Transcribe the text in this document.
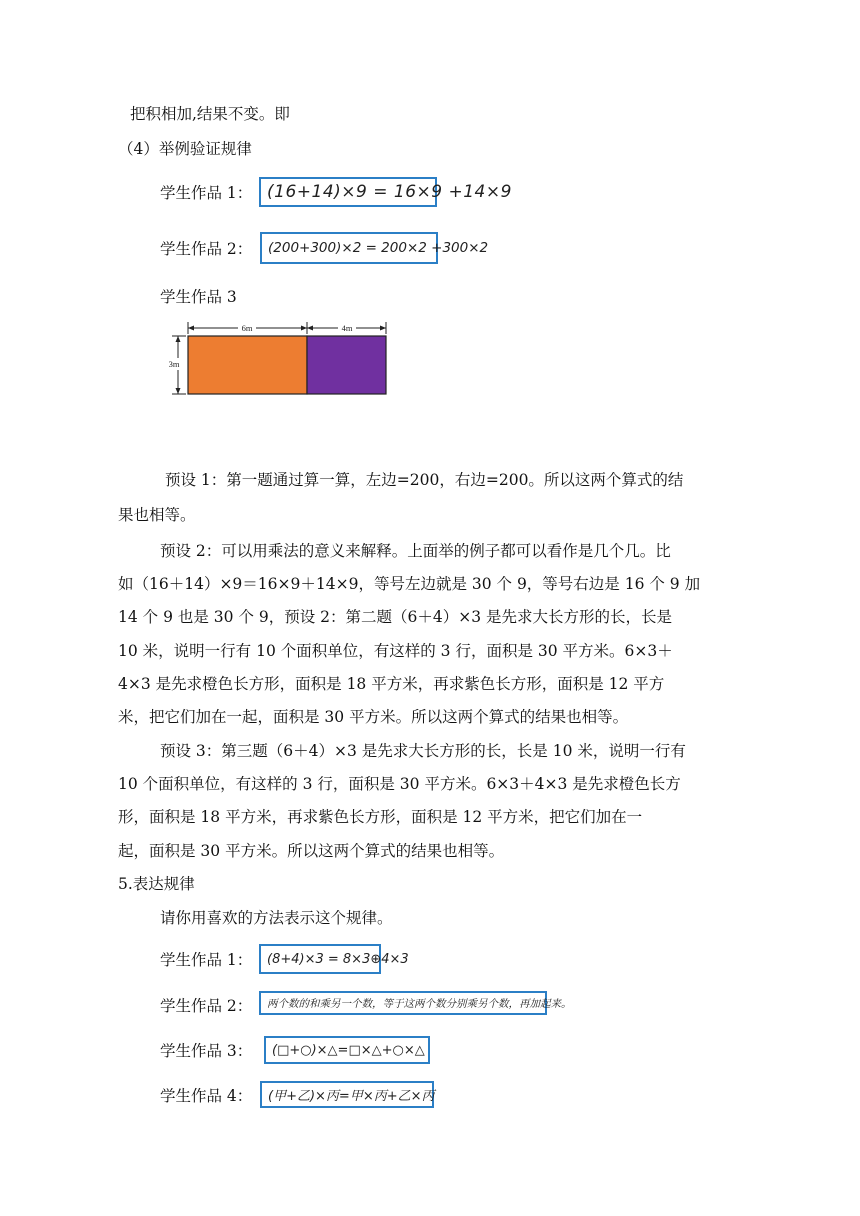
把积相加,结果不变。即
（4）举例验证规律
学生作品 1： (16+14)×9 = 16×9 +14×9
学生作品 2：	(200+300)×2 = 200×2 +300×2
学生作品 3
6m	4m
3m
预设 1：第一题通过算一算，左边=200，右边=200。所以这两个算式的结
果也相等。
预设 2：可以用乘法的意义来解释。上面举的例子都可以看作是几个几。比
如（16＋14）×9＝16×9＋14×9，等号左边就是 30 个 9，等号右边是 16 个 9 加
14 个 9 也是 30 个 9，预设 2：第二题（6＋4）×3 是先求大长方形的长，长是
10 米，说明一行有 10 个面积单位，有这样的 3 行，面积是 30 平方米。6×3＋
4×3 是先求橙色长方形，面积是 18 平方米，再求紫色长方形，面积是 12 平方
米，把它们加在一起，面积是 30 平方米。所以这两个算式的结果也相等。
预设 3：第三题（6＋4）×3 是先求大长方形的长，长是 10 米，说明一行有
10 个面积单位，有这样的 3 行，面积是 30 平方米。6×3＋4×3 是先求橙色长方
形，面积是 18 平方米，再求紫色长方形，面积是 12 平方米，把它们加在一
起，面积是 30 平方米。所以这两个算式的结果也相等。
5.表达规律
请你用喜欢的方法表示这个规律。
学生作品 1：	(8+4)×3 = 8×3⊕4×3
学生作品 2：	两个数的和乘另一个数，等于这两个数分别乘另个数，再加起来。
学生作品 3：	(□+○)×△=□×△+○×△
学生作品 4：	(甲+乙)×丙=甲×丙+乙×丙
